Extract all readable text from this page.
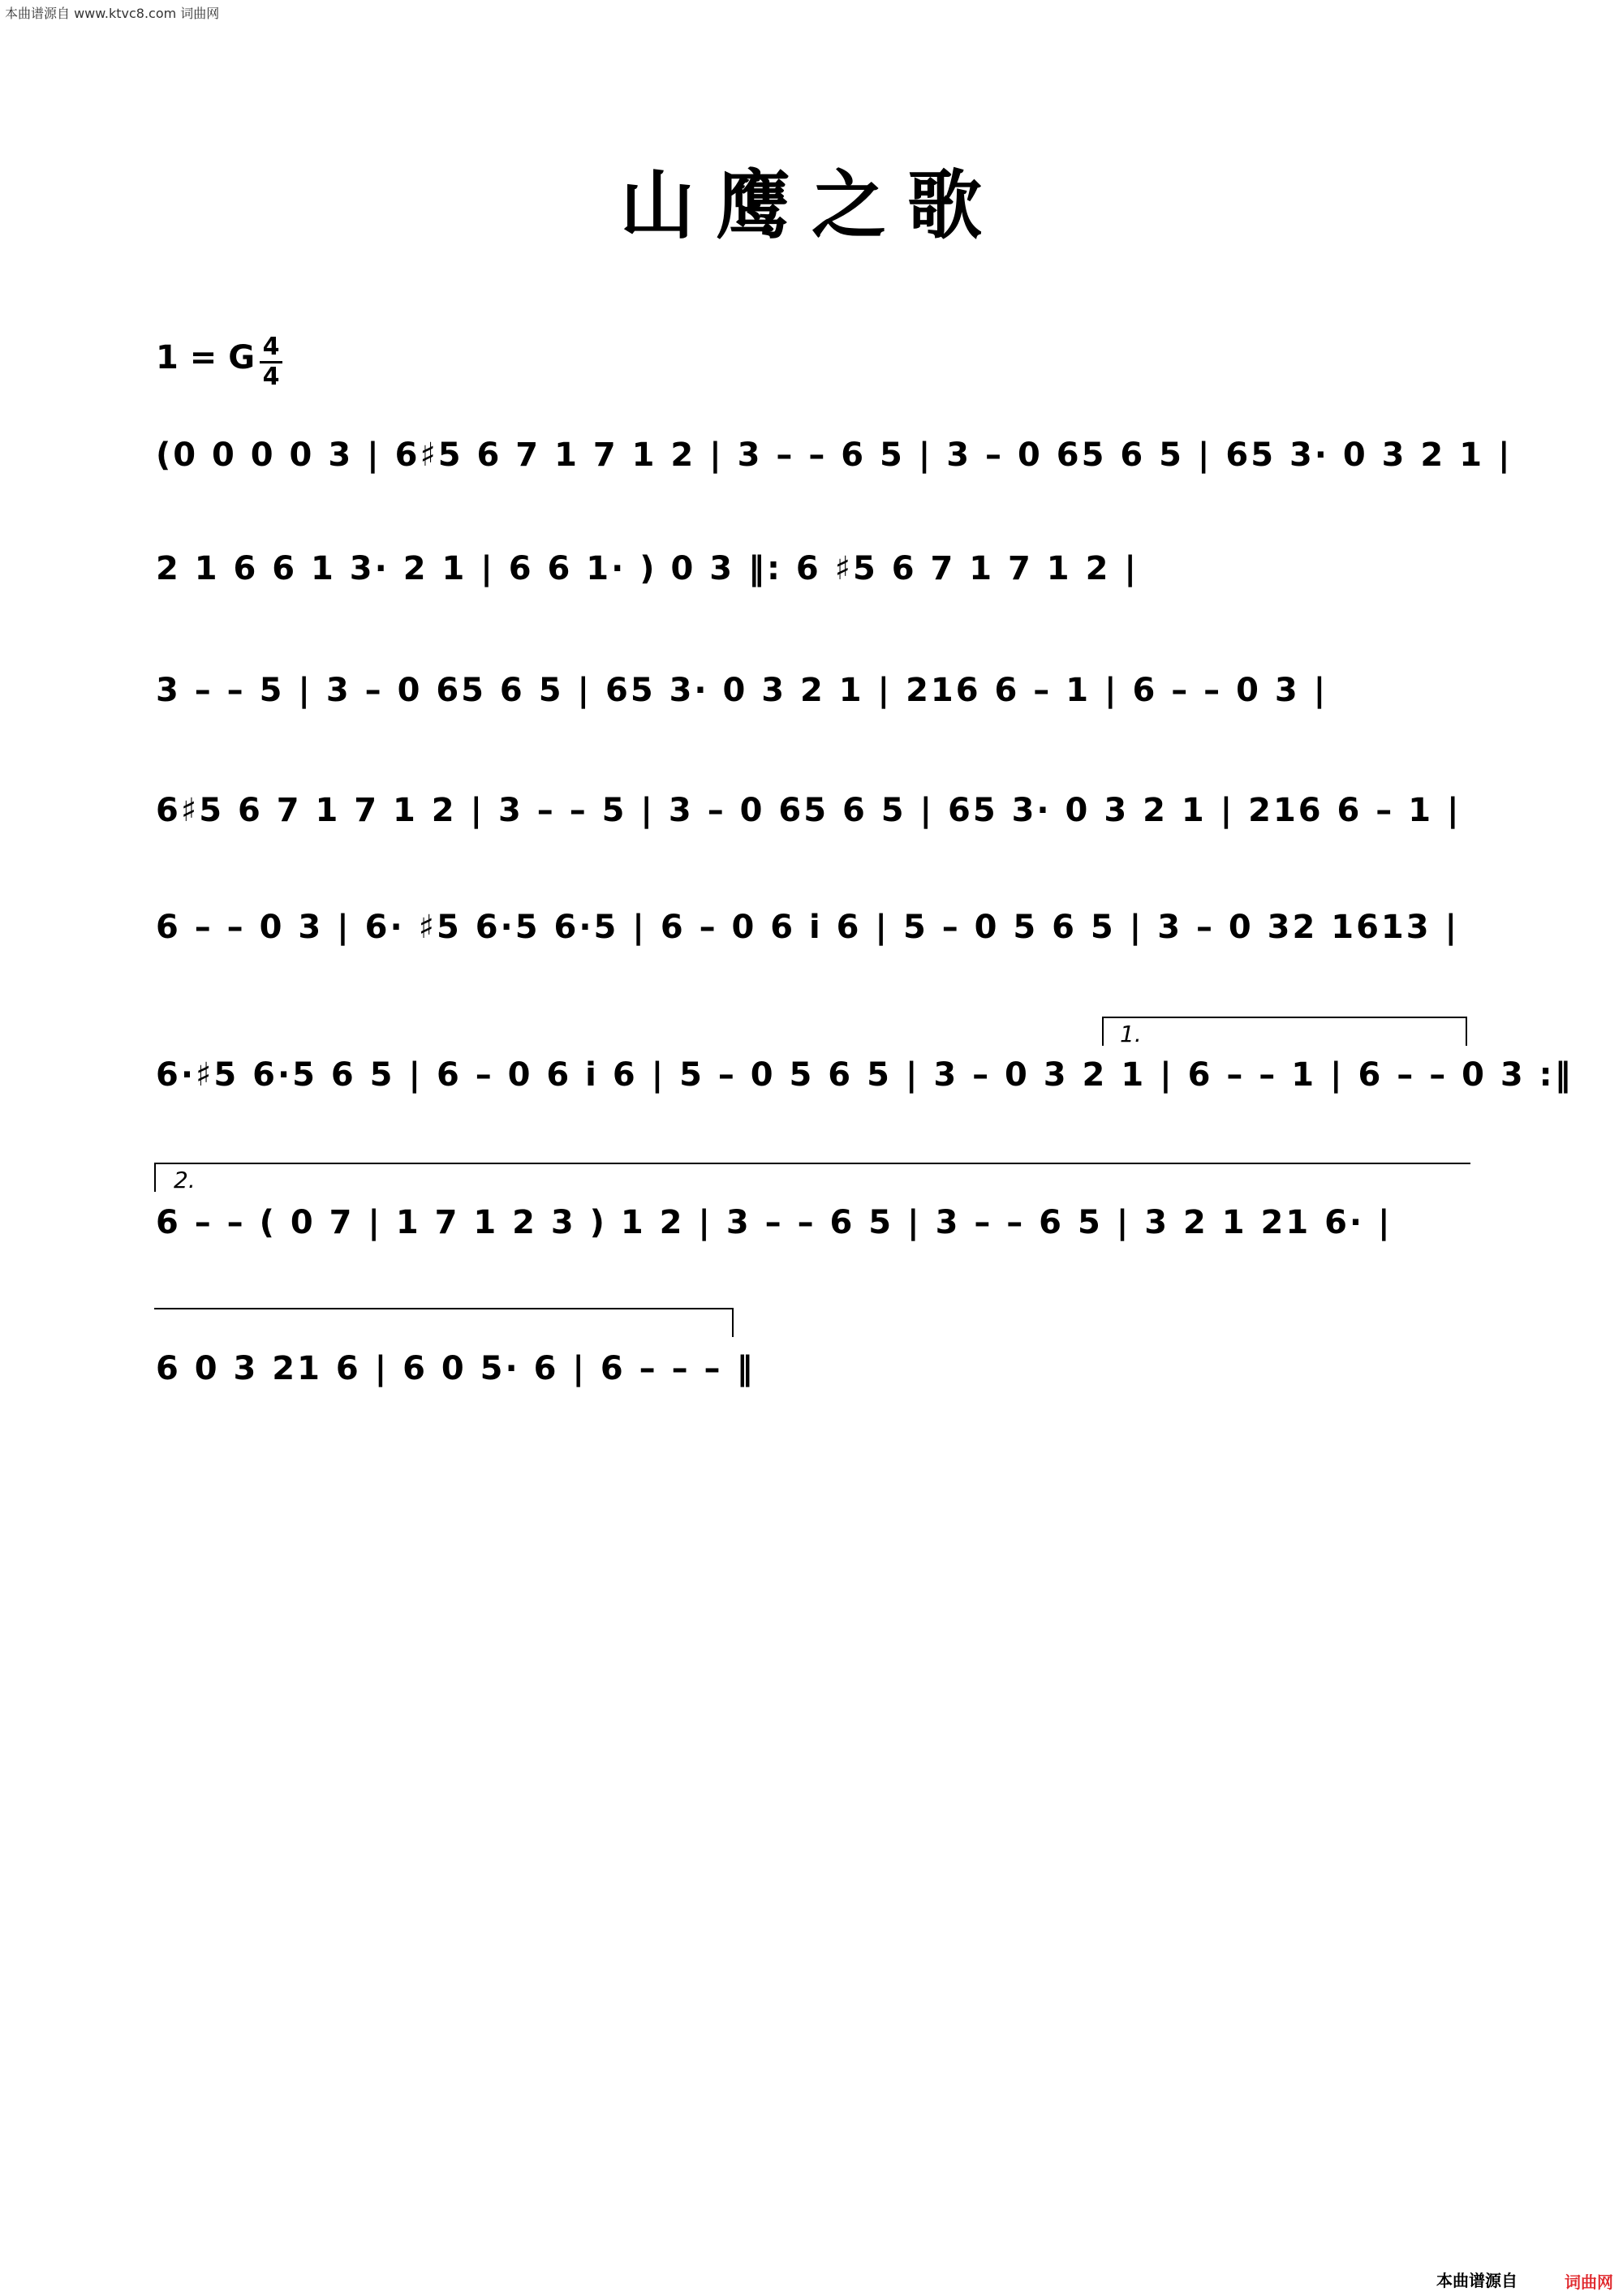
本曲谱源自 www.ktvc8.com 词曲网
山鹰之歌
1 = G 4
4
(0 0 0 0 3 | 6♯5 6 7 1 7 1 2 | 3 – – 6 5 | 3 – 0 65 6 5 | 65 3· 0 3 2 1 |
2 1 6 6 1 3· 2 1 | 6 6 1· ) 0 3 ‖: 6 ♯5 6 7 1 7 1 2 |
3 – – 5 | 3 – 0 65 6 5 | 65 3· 0 3 2 1 | 216 6 – 1 | 6 – – 0 3 |
6♯5 6 7 1 7 1 2 | 3 – – 5 | 3 – 0 65 6 5 | 65 3· 0 3 2 1 | 216 6 – 1 |
6 – – 0 3 | 6· ♯5 6·5 6·5 | 6 – 0 6 i 6 | 5 – 0 5 6 5 | 3 – 0 32 1613 |
1.
6·♯5 6·5 6 5 | 6 – 0 6 i 6 | 5 – 0 5 6 5 | 3 – 0 3 2 1 | 6 – – 1 | 6 – – 0 3 :‖
2.
6 – – ( 0 7 | 1 7 1 2 3 ) 1 2 | 3 – – 6 5 | 3 – – 6 5 | 3 2 1 21 6· |
6 0 3 21 6 | 6 0 5· 6 | 6 – – – ‖
本曲谱源自	词曲网
